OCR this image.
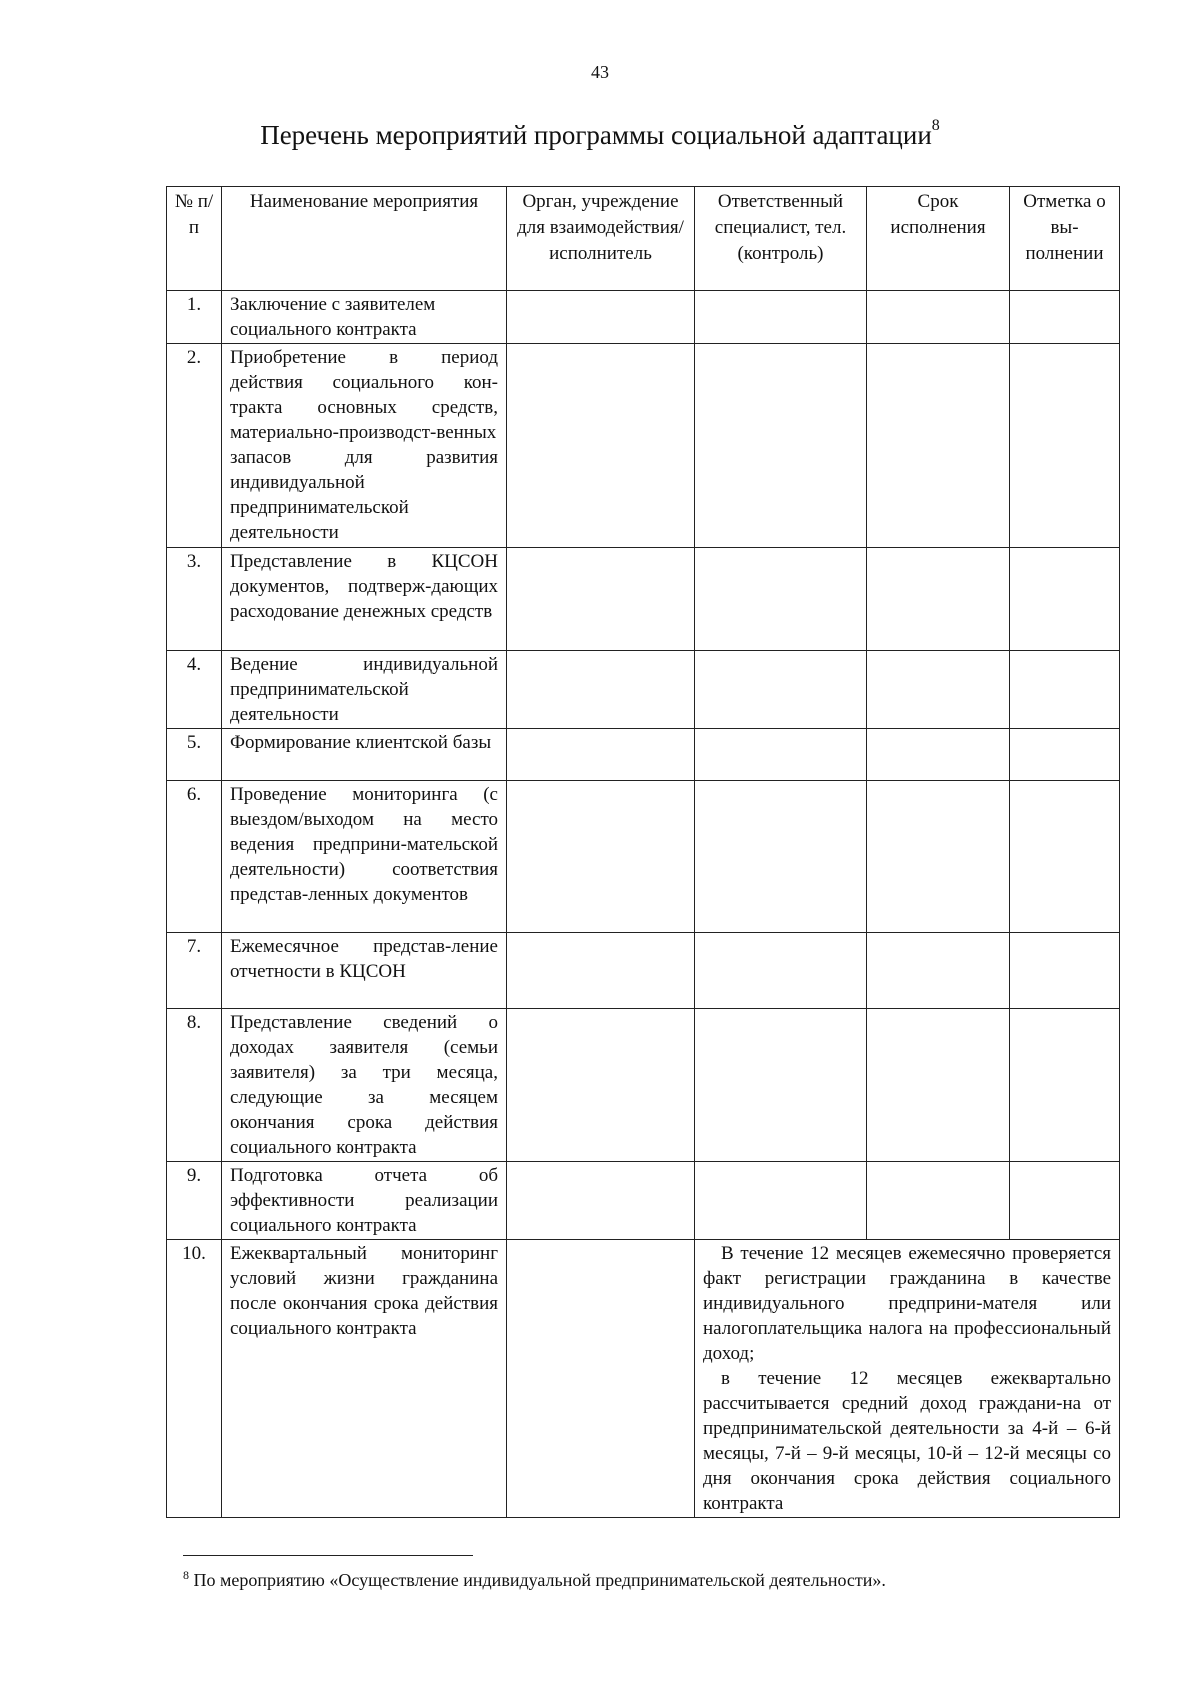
43
Перечень мероприятий программы социальной адаптации$^8$
№ п/п	Наименование мероприятия	Орган, учреждение для взаимодействия/ исполнитель	Ответственный специалист, тел. (контроль)	Срок исполнения	Отметка о вы-полнении
1.	Заключение с заявителем социального контракта				

2.	Приобретение в период действия социального кон-тракта основных средств, материально-производст-венных запасов для развития индивидуальной предпринимательской деятельности				

3.	Представление в КЦСОН документов, подтверж-дающих расходование денежных средств				

4.	Ведение индивидуальной предпринимательской деятельности				

5.	Формирование клиентской базы				

6.	Проведение мониторинга (с выездом/выходом на место ведения предприни-мательской деятельности) соответствия представ-ленных документов				

7.	Ежемесячное представ-ление отчетности в КЦСОН				

8.	Представление сведений о доходах заявителя (семьи заявителя) за три месяца, следующие за месяцем окончания срока действия социального контракта				

9.	Подготовка отчета об эффективности реализации социального контракта				

10.	Ежеквартальный мониторинг условий жизни гражданина после окончания срока действия социального контракта		В течение 12 месяцев ежемесячно проверяется факт регистрации гражданина в качестве индивидуального предприни-мателя или налогоплательщика налога на профессиональный доход;
в течение 12 месяцев ежеквартально рассчитывается средний доход граждани-на от предпринимательской деятельности за 4-й – 6-й месяцы, 7-й – 9-й месяцы, 10-й – 12-й месяцы со дня окончания срока действия социального контракта		
$^8$ По мероприятию «Осуществление индивидуальной предпринимательской деятельности».
